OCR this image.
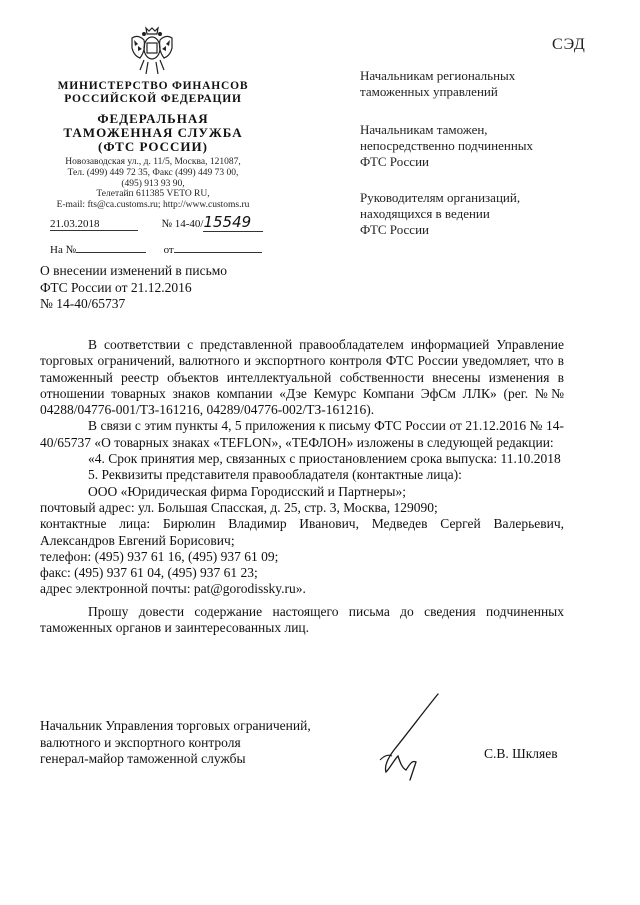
СЭД
МИНИСТЕРСТВО ФИНАНСОВ
РОССИЙСКОЙ ФЕДЕРАЦИИ
ФЕДЕРАЛЬНАЯ
ТАМОЖЕННАЯ СЛУЖБА
(ФТС РОССИИ)
Новозаводская ул., д. 11/5, Москва, 121087,
Тел. (499) 449 72 35, Факс (499) 449 73 00,
(495) 913 93 90,
Телетайп 611385 VETO RU,
E-mail: fts@ca.customs.ru; http://www.customs.ru
21.03.2018	№ 14-40/15549
На №	от
Начальникам региональных
таможенных управлений
Начальникам таможен,
непосредственно подчиненных
ФТС России
Руководителям организаций,
находящихся в ведении
ФТС России
О внесении изменений в письмо
ФТС России от 21.12.2016
№ 14-40/65737

В соответствии с представленной правообладателем информацией Управление торговых ограничений, валютного и экспортного контроля ФТС России уведомляет, что в таможенный реестр объектов интеллектуальной собственности внесены изменения в отношении товарных знаков компании «Дзе Кемурс Компани ЭфСм ЛЛК» (рег. №№ 04288/04776-001/ТЗ-161216, 04289/04776-002/ТЗ-161216).

В связи с этим пункты 4, 5 приложения к письму ФТС России от 21.12.2016 № 14-40/65737 «О товарных знаках «TEFLON», «ТЕФЛОН» изложены в следующей редакции:

«4. Срок принятия мер, связанных с приостановлением срока выпуска: 11.10.2018

5. Реквизиты представителя правообладателя (контактные лица):

ООО «Юридическая фирма Городисский и Партнеры»;

почтовый адрес: ул. Большая Спасская, д. 25, стр. 3, Москва, 129090;

контактные лица: Бирюлин Владимир Иванович, Медведев Сергей Валерьевич, Александров Евгений Борисович;

телефон: (495) 937 61 16, (495) 937 61 09;

факс: (495) 937 61 04, (495) 937 61 23;

адрес электронной почты: pat@gorodissky.ru».

Прошу довести содержание настоящего письма до сведения подчиненных таможенных органов и заинтересованных лиц.

Начальник Управления торговых ограничений,
валютного и экспортного контроля
генерал-майор таможенной службы	С.В. Шкляев
